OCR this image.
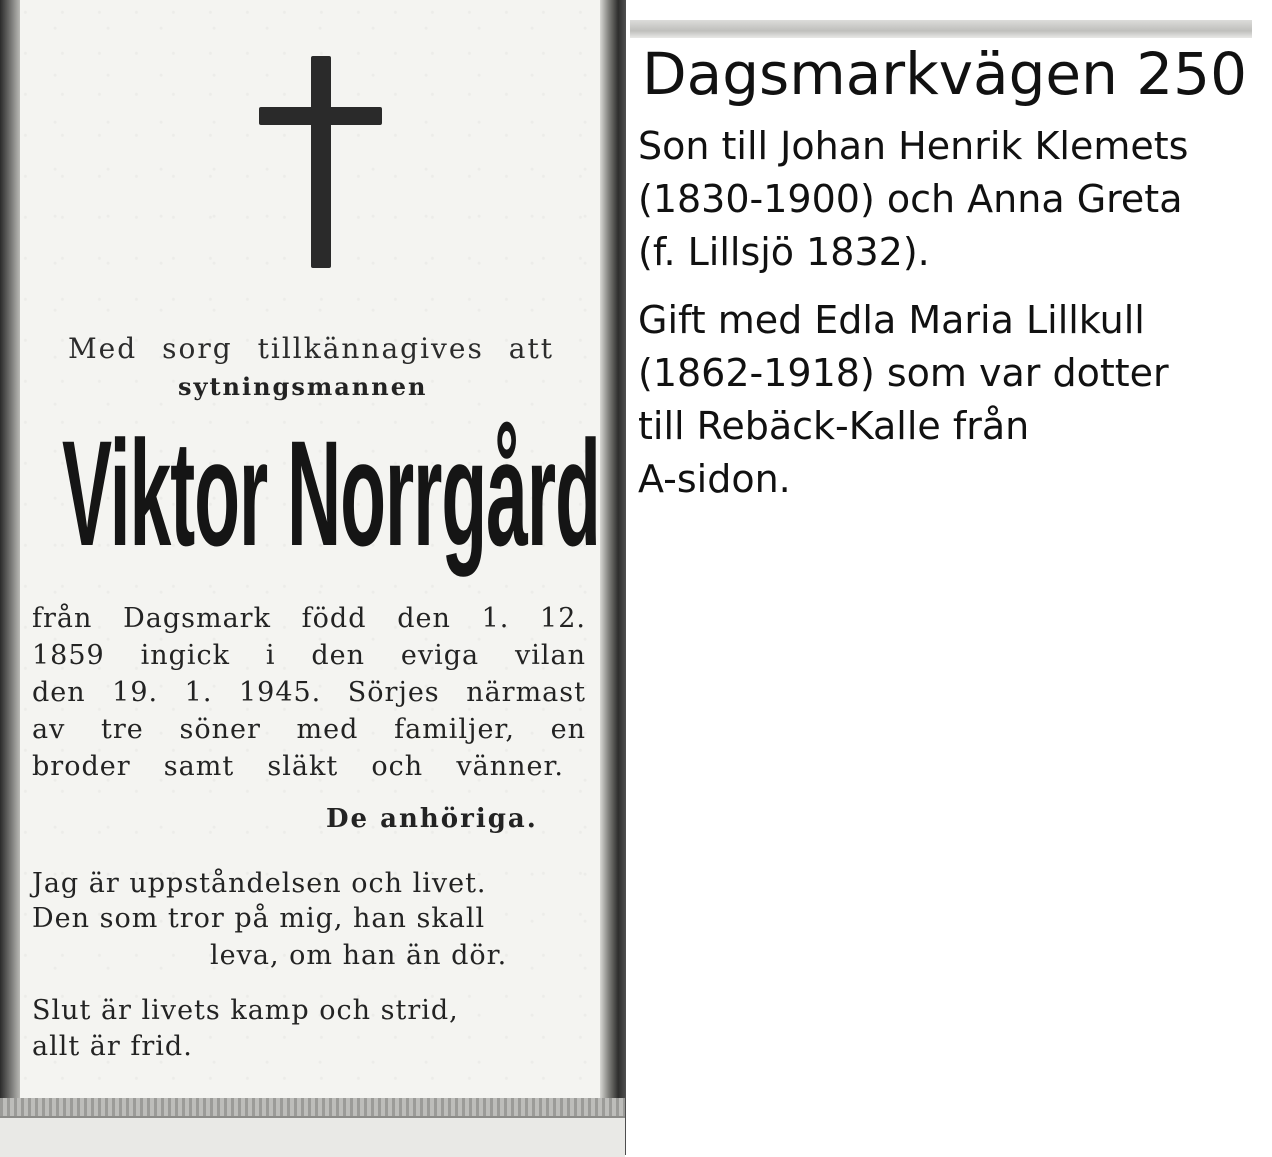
Med sorg tillkännagives att

sytningsmannen

Viktor Norrgård

från Dagsmark född den 1. 12.

1859 ingick i den eviga vilan

den 19. 1. 1945. Sörjes närmast

av tre söner med familjer, en

broder samt släkt och vänner.

De anhöriga.

Jag är uppståndelsen och livet.

Den som tror på mig, han skall

leva, om han än dör.

Slut är livets kamp och strid,

allt är frid.

Dagsmarkvägen 250
Son till Johan Henrik Klemets
(1830-1900) och Anna Greta
(f. Lillsjö 1832).
Gift med Edla Maria Lillkull
(1862-1918) som var dotter
till Rebäck-Kalle från
A-sidon.
